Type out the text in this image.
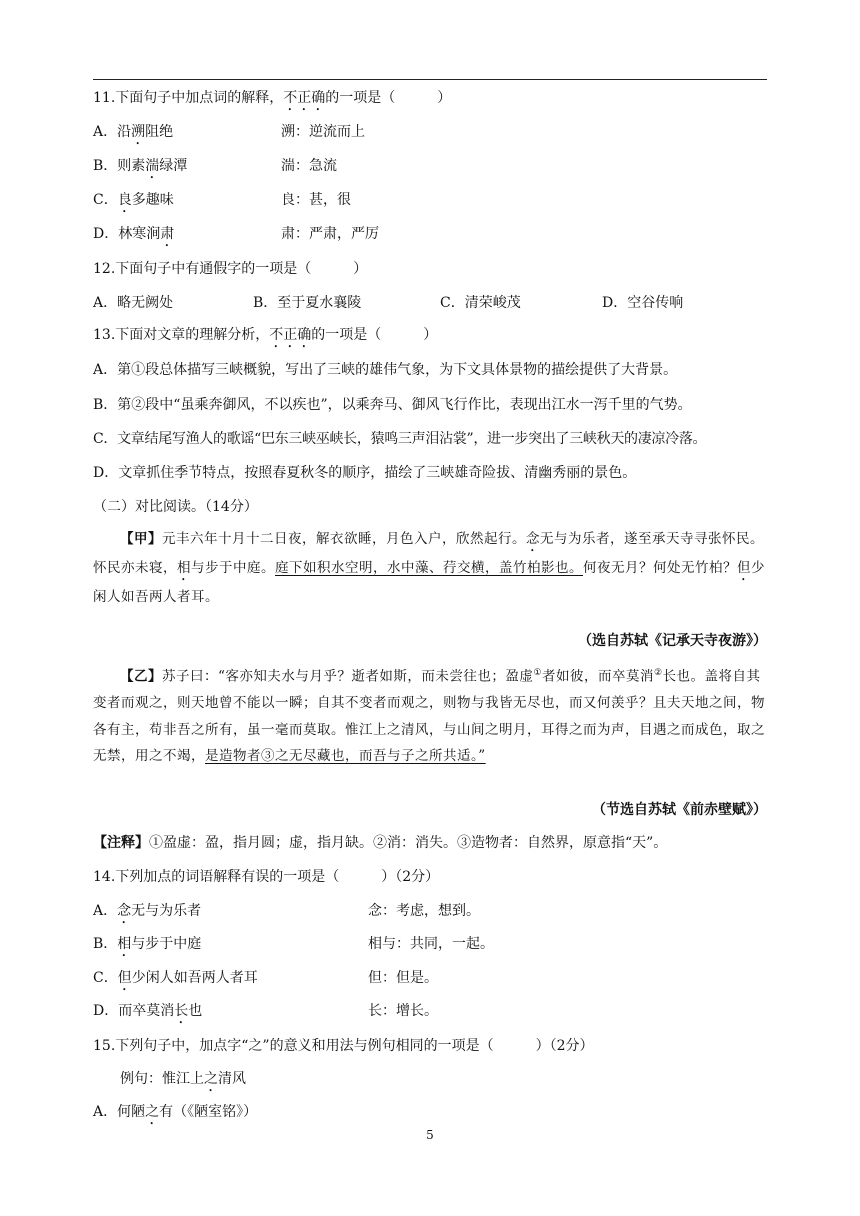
11.下面句子中加点词的解释，不正确的一项是（　　　）
A．沿溯阻绝	溯：逆流而上
B．则素湍绿潭	湍：急流
C．良多趣味	良：甚，很
D．林寒涧肃	肃：严肃，严厉
12.下面句子中有通假字的一项是（　　　）
A．略无阙处	B．至于夏水襄陵	C．清荣峻茂	D．空谷传响
13.下面对文章的理解分析，不正确的一项是（　　　）
A．第①段总体描写三峡概貌，写出了三峡的雄伟气象，为下文具体景物的描绘提供了大背景。
B．第②段中“虽乘奔御风，不以疾也”，以乘奔马、御风飞行作比，表现出江水一泻千里的气势。
C．文章结尾写渔人的歌谣“巴东三峡巫峡长，猿鸣三声泪沾裳”，进一步突出了三峡秋天的凄凉冷落。
D．文章抓住季节特点，按照春夏秋冬的顺序，描绘了三峡雄奇险拔、清幽秀丽的景色。
（二）对比阅读。（14分）

【甲】元丰六年十月十二日夜，解衣欲睡，月色入户，欣然起行。念无与为乐者，遂至承天寺寻张怀民。怀民亦未寝，相与步于中庭。庭下如积水空明，水中藻、荇交横，盖竹柏影也。何夜无月？何处无竹柏？但少闲人如吾两人者耳。

（选自苏轼《记承天寺夜游》）

【乙】苏子曰：“客亦知夫水与月乎？逝者如斯，而未尝往也；盈虚①者如彼，而卒莫消②长也。盖将自其变者而观之，则天地曾不能以一瞬；自其不变者而观之，则物与我皆无尽也，而又何羡乎？且夫天地之间，物各有主，苟非吾之所有，虽一毫而莫取。惟江上之清风，与山间之明月，耳得之而为声，目遇之而成色，取之无禁，用之不竭，是造物者③之无尽藏也，而吾与子之所共适。”

（节选自苏轼《前赤壁赋》）
【注释】①盈虚：盈，指月圆；虚，指月缺。②消：消失。③造物者：自然界，原意指“天”。
14.下列加点的词语解释有误的一项是（　　　）（2分）
A．念无与为乐者	念：考虑，想到。
B．相与步于中庭	相与：共同，一起。
C．但少闲人如吾两人者耳	但：但是。
D．而卒莫消长也	长：增长。
15.下列句子中，加点字“之”的意义和用法与例句相同的一项是（　　　）（2分）
例句：惟江上之清风
A．何陋之有（《陋室铭》）
5
